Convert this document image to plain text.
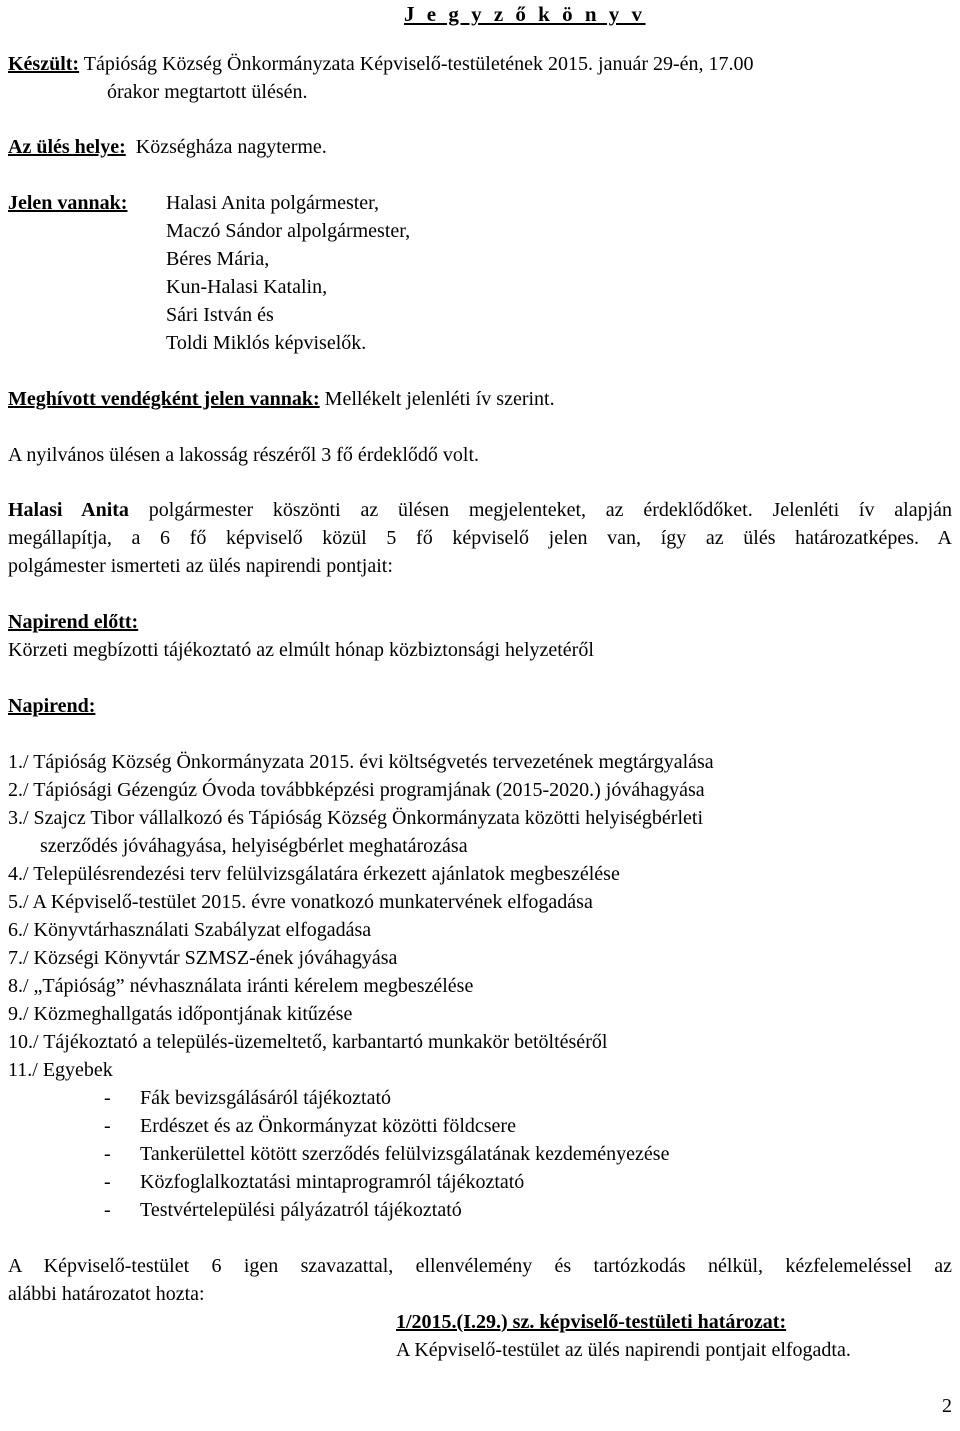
J e g y z ő k ö n y v
Készült: Tápióság Község Önkormányzata Képviselő-testületének 2015. január 29-én, 17.00
órakor megtartott ülésén.
Az ülés helye: Községháza nagyterme.
Jelen vannak: Halasi Anita polgármester,
Maczó Sándor alpolgármester,
Béres Mária,
Kun-Halasi Katalin,
Sári István és
Toldi Miklós képviselők.
Meghívott vendégként jelen vannak: Mellékelt jelenléti ív szerint.
A nyilvános ülésen a lakosság részéről 3 fő érdeklődő volt.
Halasi Anita polgármester köszönti az ülésen megjelenteket, az érdeklődőket. Jelenléti ív alapján
megállapítja, a 6 fő képviselő közül 5 fő képviselő jelen van, így az ülés határozatképes. A
polgámester ismerteti az ülés napirendi pontjait:
Napirend előtt:
Körzeti megbízotti tájékoztató az elmúlt hónap közbiztonsági helyzetéről
Napirend:
1./ Tápióság Község Önkormányzata 2015. évi költségvetés tervezetének megtárgyalása
2./ Tápiósági Gézengúz Óvoda továbbképzési programjának (2015-2020.) jóváhagyása
3./ Szajcz Tibor vállalkozó és Tápióság Község Önkormányzata közötti helyiségbérleti
szerződés jóváhagyása, helyiségbérlet meghatározása
4./ Településrendezési terv felülvizsgálatára érkezett ajánlatok megbeszélése
5./ A Képviselő-testület 2015. évre vonatkozó munkatervének elfogadása
6./ Könyvtárhasználati Szabályzat elfogadása
7./ Községi Könyvtár SZMSZ-ének jóváhagyása
8./ „Tápióság” névhasználata iránti kérelem megbeszélése
9./ Közmeghallgatás időpontjának kitűzése
10./ Tájékoztató a település-üzemeltető, karbantartó munkakör betöltéséről
11./ Egyebek
- Fák bevizsgálásáról tájékoztató
- Erdészet és az Önkormányzat közötti földcsere
- Tankerülettel kötött szerződés felülvizsgálatának kezdeményezése
- Közfoglalkoztatási mintaprogramról tájékoztató
- Testvértelepülési pályázatról tájékoztató
A Képviselő-testület 6 igen szavazattal, ellenvélemény és tartózkodás nélkül, kézfelemeléssel az
alábbi határozatot hozta:
1/2015.(I.29.) sz. képviselő-testületi határozat:
A Képviselő-testület az ülés napirendi pontjait elfogadta.
2
